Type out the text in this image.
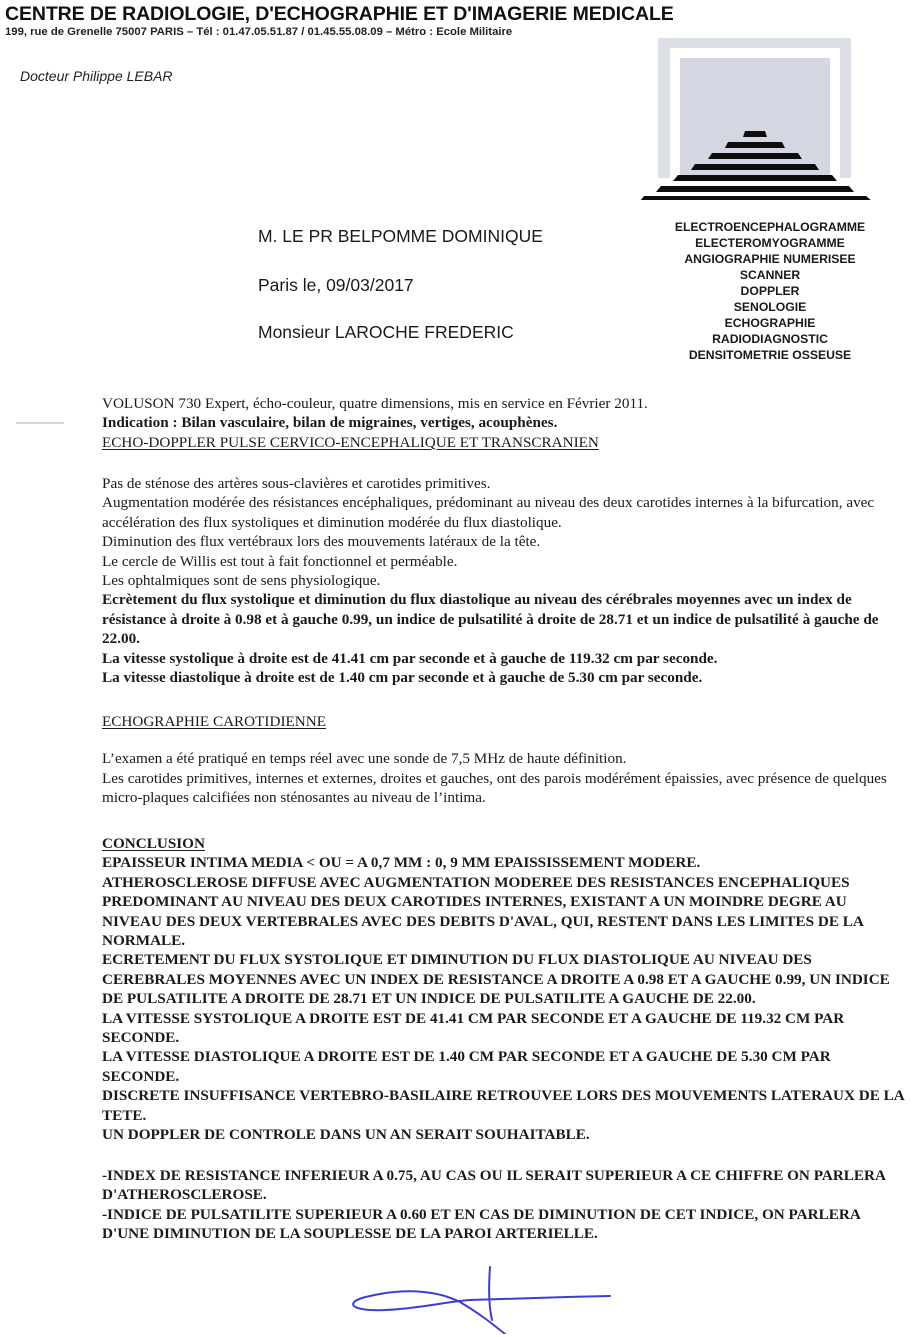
CENTRE DE RADIOLOGIE, D'ECHOGRAPHIE ET D'IMAGERIE MEDICALE
199, rue de Grenelle 75007 PARIS – Tél : 01.47.05.51.87 / 01.45.55.08.09 – Métro : Ecole Militaire
Docteur Philippe LEBAR
M. LE PR BELPOMME DOMINIQUE
Paris le, 09/03/2017
Monsieur LAROCHE FREDERIC
ELECTROENCEPHALOGRAMME
ELECTEROMYOGRAMME
ANGIOGRAPHIE NUMERISEE
SCANNER
DOPPLER
SENOLOGIE
ECHOGRAPHIE
RADIODIAGNOSTIC
DENSITOMETRIE OSSEUSE
VOLUSON 730 Expert, écho-couleur, quatre dimensions, mis en service en Février 2011.
Indication : Bilan vasculaire, bilan de migraines, vertiges, acouphènes.
ECHO-DOPPLER PULSE CERVICO-ENCEPHALIQUE ET TRANSCRANIEN
Pas de sténose des artères sous-clavières et carotides primitives.
Augmentation modérée des résistances encéphaliques, prédominant au niveau des deux carotides internes à la bifurcation, avec accélération des flux systoliques et diminution modérée du flux diastolique.
Diminution des flux vertébraux lors des mouvements latéraux de la tête.
Le cercle de Willis est tout à fait fonctionnel et perméable.
Les ophtalmiques sont de sens physiologique.
Ecrètement du flux systolique et diminution du flux diastolique au niveau des cérébrales moyennes avec un index de résistance à droite à 0.98 et à gauche 0.99, un indice de pulsatilité à droite de 28.71 et un indice de pulsatilité à gauche de 22.00.
La vitesse systolique à droite est de 41.41 cm par seconde et à gauche de 119.32 cm par seconde.
La vitesse diastolique à droite est de 1.40 cm par seconde et à gauche de 5.30 cm par seconde.
ECHOGRAPHIE CAROTIDIENNE
L’examen a été pratiqué en temps réel avec une sonde de 7,5 MHz de haute définition.
Les carotides primitives, internes et externes, droites et gauches, ont des parois modérément épaissies, avec présence de quelques micro-plaques calcifiées non sténosantes au niveau de l’intima.
CONCLUSION
EPAISSEUR INTIMA MEDIA < OU = A 0,7 MM : 0, 9 MM EPAISSISSEMENT MODERE.
ATHEROSCLEROSE DIFFUSE AVEC AUGMENTATION MODEREE DES RESISTANCES ENCEPHALIQUES PREDOMINANT AU NIVEAU DES DEUX CAROTIDES INTERNES, EXISTANT A UN MOINDRE DEGRE AU NIVEAU DES DEUX VERTEBRALES AVEC DES DEBITS D'AVAL, QUI, RESTENT DANS LES LIMITES DE LA NORMALE.
ECRETEMENT DU FLUX SYSTOLIQUE ET DIMINUTION DU FLUX DIASTOLIQUE AU NIVEAU DES CEREBRALES MOYENNES AVEC UN INDEX DE RESISTANCE A DROITE A 0.98 ET A GAUCHE 0.99, UN INDICE DE PULSATILITE A DROITE DE 28.71 ET UN INDICE DE PULSATILITE A GAUCHE DE 22.00.
LA VITESSE SYSTOLIQUE A DROITE EST DE 41.41 CM PAR SECONDE ET A GAUCHE DE 119.32 CM PAR SECONDE.
LA VITESSE DIASTOLIQUE A DROITE EST DE 1.40 CM PAR SECONDE ET A GAUCHE DE 5.30 CM PAR SECONDE.
DISCRETE INSUFFISANCE VERTEBRO-BASILAIRE RETROUVEE LORS DES MOUVEMENTS LATERAUX DE LA TETE.
UN DOPPLER DE CONTROLE DANS UN AN SERAIT SOUHAITABLE.
-INDEX DE RESISTANCE INFERIEUR A 0.75, AU CAS OU IL SERAIT SUPERIEUR A CE CHIFFRE ON PARLERA D'ATHEROSCLEROSE.
-INDICE DE PULSATILITE SUPERIEUR A 0.60 ET EN CAS DE DIMINUTION DE CET INDICE, ON PARLERA D'UNE DIMINUTION DE LA SOUPLESSE DE LA PAROI ARTERIELLE.
